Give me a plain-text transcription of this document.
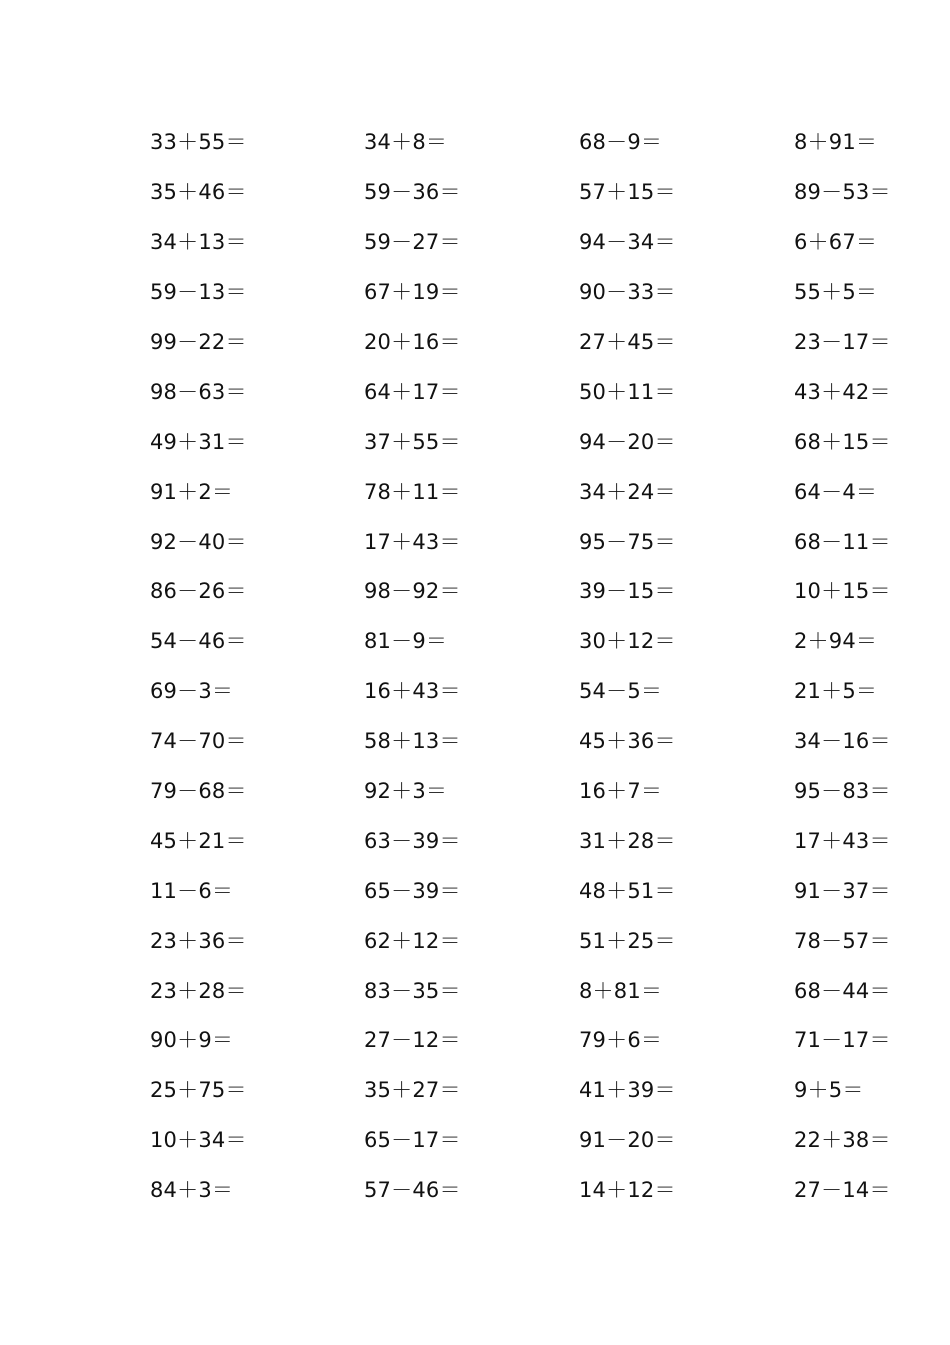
33＋55＝	34＋8＝	68－9＝	8＋91＝
35＋46＝	59－36＝	57＋15＝	89－53＝
34＋13＝	59－27＝	94－34＝	6＋67＝
59－13＝	67＋19＝	90－33＝	55＋5＝
99－22＝	20＋16＝	27＋45＝	23－17＝
98－63＝	64＋17＝	50＋11＝	43＋42＝
49＋31＝	37＋55＝	94－20＝	68＋15＝
91＋2＝	78＋11＝	34＋24＝	64－4＝
92－40＝	17＋43＝	95－75＝	68－11＝
86－26＝	98－92＝	39－15＝	10＋15＝
54－46＝	81－9＝	30＋12＝	2＋94＝
69－3＝	16＋43＝	54－5＝	21＋5＝
74－70＝	58＋13＝	45＋36＝	34－16＝
79－68＝	92＋3＝	16＋7＝	95－83＝
45＋21＝	63－39＝	31＋28＝	17＋43＝
11－6＝	65－39＝	48＋51＝	91－37＝
23＋36＝	62＋12＝	51＋25＝	78－57＝
23＋28＝	83－35＝	8＋81＝	68－44＝
90＋9＝	27－12＝	79＋6＝	71－17＝
25＋75＝	35＋27＝	41＋39＝	9＋5＝
10＋34＝	65－17＝	91－20＝	22＋38＝
84＋3＝	57－46＝	14＋12＝	27－14＝
